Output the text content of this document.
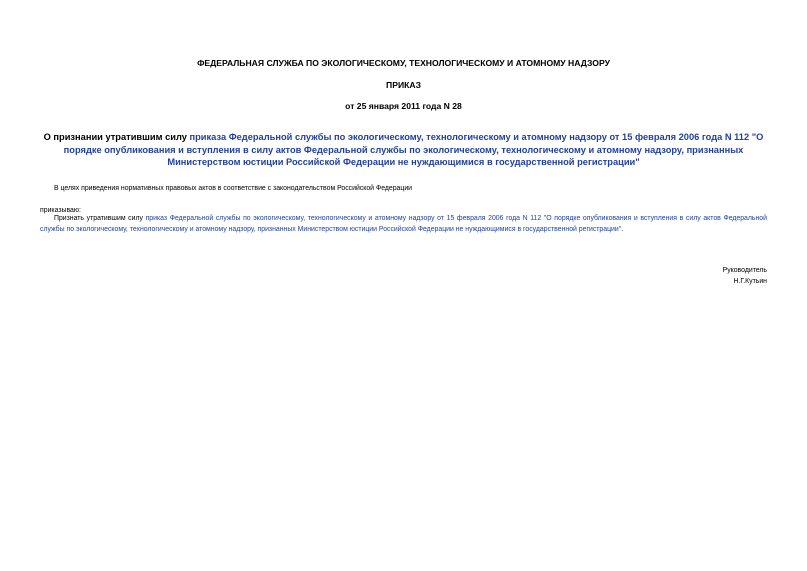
ФЕДЕРАЛЬНАЯ СЛУЖБА ПО ЭКОЛОГИЧЕСКОМУ, ТЕХНОЛОГИЧЕСКОМУ И АТОМНОМУ НАДЗОРУ
ПРИКАЗ
от 25 января 2011 года N 28
О признании утратившим силу приказа Федеральной службы по экологическому, технологическому и атомному надзору от 15 февраля 2006 года N 112 "О порядке опубликования и вступления в силу актов Федеральной службы по экологическому, технологическому и атомному надзору, признанных Министерством юстиции Российской Федерации не нуждающимися в государственной регистрации"
В целях приведения нормативных правовых актов в соответствие с законодательством Российской Федерации
приказываю:
Признать утратившим силу приказ Федеральной службы по экологическому, технологическому и атомному надзору от 15 февраля 2006 года N 112 "О порядке опубликования и вступления в силу актов Федеральной службы по экологическому, технологическому и атомному надзору, признанных Министерством юстиции Российской Федерации не нуждающимися в государственной регистрации".
Руководитель
Н.Г.Кутьин
